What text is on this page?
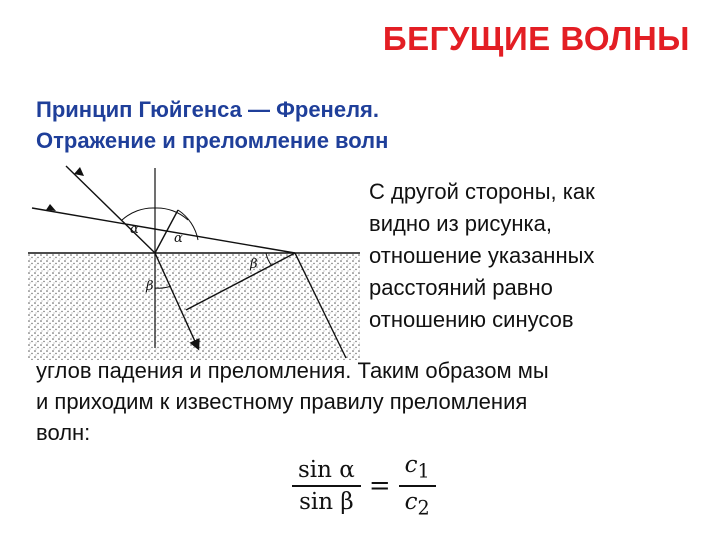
БЕГУЩИЕ ВОЛНЫ
Принцип Гюйгенса — Френеля.
Отражение и преломление волн
α
α
β
β
С другой стороны, как
видно из рисунка,
отношение указанных
расстояний равно
отношению синусов
углов падения и преломления. Таким образом мы
и приходим к известному правилу преломления
волн:
$\frac{\text{sin α}}{\text{sin β}} = \frac{c_1}{c_2}$
